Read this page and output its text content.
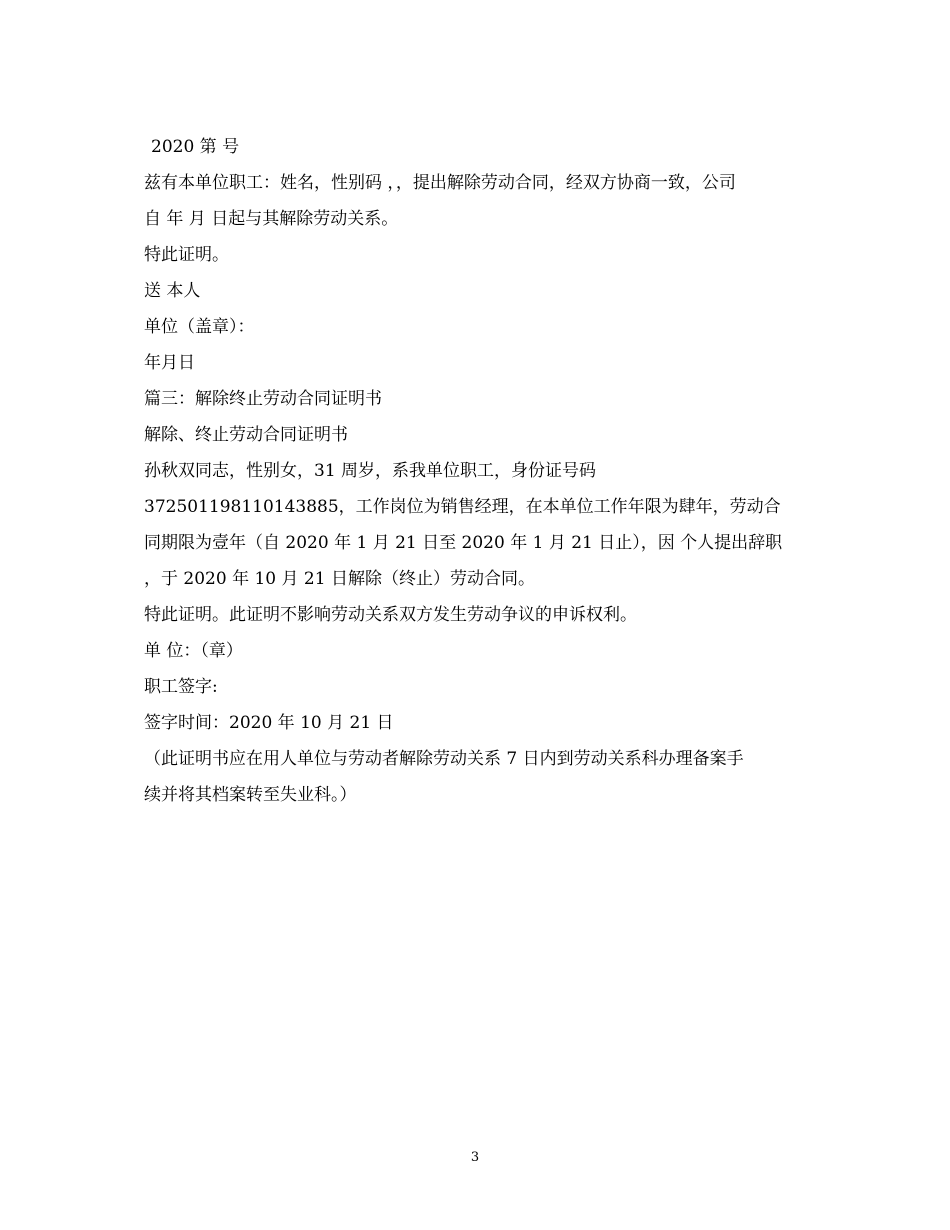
2020 第 号
兹有本单位职工：姓名，性别码 ，，提出解除劳动合同，经双方协商一致，公司
自 年 月 日起与其解除劳动关系。
特此证明。
送 本人
单位（盖章）：
年月日
篇三：解除终止劳动合同证明书
解除、终止劳动合同证明书
孙秋双同志，性别女，31 周岁，系我单位职工，身份证号码
372501198110143885，工作岗位为销售经理，在本单位工作年限为肆年，劳动合
同期限为壹年（自 2020 年 1 月 21 日至 2020 年 1 月 21 日止），因 个人提出辞职
，于 2020 年 10 月 21 日解除（终止）劳动合同。
特此证明。此证明不影响劳动关系双方发生劳动争议的申诉权利。
单 位：（章）
职工签字:
签字时间：2020 年 10 月 21 日
（此证明书应在用人单位与劳动者解除劳动关系 7 日内到劳动关系科办理备案手
续并将其档案转至失业科。）
3
